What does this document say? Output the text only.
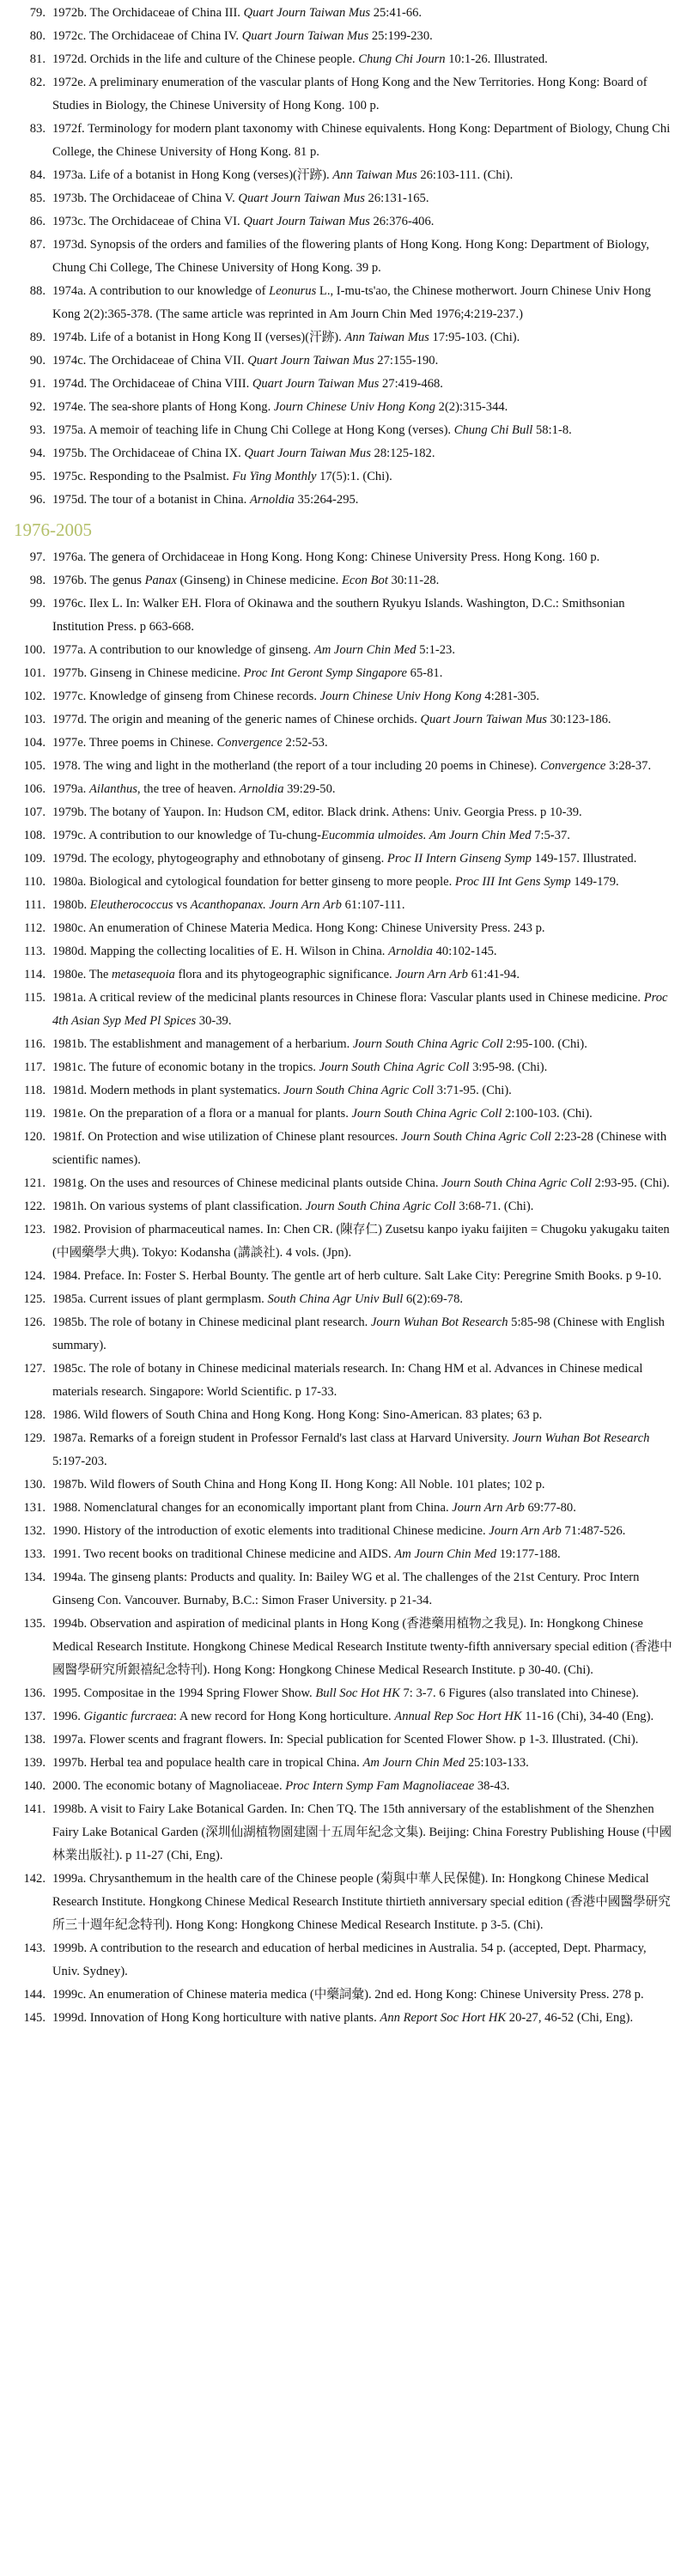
79. 1972b. The Orchidaceae of China III. Quart Journ Taiwan Mus 25:41-66.
80. 1972c. The Orchidaceae of China IV. Quart Journ Taiwan Mus 25:199-230.
81. 1972d. Orchids in the life and culture of the Chinese people. Chung Chi Journ 10:1-26. Illustrated.
82. 1972e. A preliminary enumeration of the vascular plants of Hong Kong and the New Territories. Hong Kong: Board of Studies in Biology, the Chinese University of Hong Kong. 100 p.
83. 1972f. Terminology for modern plant taxonomy with Chinese equivalents. Hong Kong: Department of Biology, Chung Chi College, the Chinese University of Hong Kong. 81 p.
84. 1973a. Life of a botanist in Hong Kong (verses)(汗跡). Ann Taiwan Mus 26:103-111. (Chi).
85. 1973b. The Orchidaceae of China V. Quart Journ Taiwan Mus 26:131-165.
86. 1973c. The Orchidaceae of China VI. Quart Journ Taiwan Mus 26:376-406.
87. 1973d. Synopsis of the orders and families of the flowering plants of Hong Kong. Hong Kong: Department of Biology, Chung Chi College, The Chinese University of Hong Kong. 39 p.
88. 1974a. A contribution to our knowledge of Leonurus L., I-mu-ts'ao, the Chinese motherwort. Journ Chinese Univ Hong Kong 2(2):365-378. (The same article was reprinted in Am Journ Chin Med 1976;4:219-237.)
89. 1974b. Life of a botanist in Hong Kong II (verses)(汗跡). Ann Taiwan Mus 17:95-103. (Chi).
90. 1974c. The Orchidaceae of China VII. Quart Journ Taiwan Mus 27:155-190.
91. 1974d. The Orchidaceae of China VIII. Quart Journ Taiwan Mus 27:419-468.
92. 1974e. The sea-shore plants of Hong Kong. Journ Chinese Univ Hong Kong 2(2):315-344.
93. 1975a. A memoir of teaching life in Chung Chi College at Hong Kong (verses). Chung Chi Bull 58:1-8.
94. 1975b. The Orchidaceae of China IX. Quart Journ Taiwan Mus 28:125-182.
95. 1975c. Responding to the Psalmist. Fu Ying Monthly 17(5):1. (Chi).
96. 1975d. The tour of a botanist in China. Arnoldia 35:264-295.
1976-2005
97. 1976a. The genera of Orchidaceae in Hong Kong. Hong Kong: Chinese University Press. Hong Kong. 160 p.
98. 1976b. The genus Panax (Ginseng) in Chinese medicine. Econ Bot 30:11-28.
99. 1976c. Ilex L. In: Walker EH. Flora of Okinawa and the southern Ryukyu Islands. Washington, D.C.: Smithsonian Institution Press. p 663-668.
100. 1977a. A contribution to our knowledge of ginseng. Am Journ Chin Med 5:1-23.
101. 1977b. Ginseng in Chinese medicine. Proc Int Geront Symp Singapore 65-81.
102. 1977c. Knowledge of ginseng from Chinese records. Journ Chinese Univ Hong Kong 4:281-305.
103. 1977d. The origin and meaning of the generic names of Chinese orchids. Quart Journ Taiwan Mus 30:123-186.
104. 1977e. Three poems in Chinese. Convergence 2:52-53.
105. 1978. The wing and light in the motherland (the report of a tour including 20 poems in Chinese). Convergence 3:28-37.
106. 1979a. Ailanthus, the tree of heaven. Arnoldia 39:29-50.
107. 1979b. The botany of Yaupon. In: Hudson CM, editor. Black drink. Athens: Univ. Georgia Press. p 10-39.
108. 1979c. A contribution to our knowledge of Tu-chung-Eucommia ulmoides. Am Journ Chin Med 7:5-37.
109. 1979d. The ecology, phytogeography and ethnobotany of ginseng. Proc II Intern Ginseng Symp 149-157. Illustrated.
110. 1980a. Biological and cytological foundation for better ginseng to more people. Proc III Int Gens Symp 149-179.
111. 1980b. Eleutherococcus vs Acanthopanax. Journ Arn Arb 61:107-111.
112. 1980c. An enumeration of Chinese Materia Medica. Hong Kong: Chinese University Press. 243 p.
113. 1980d. Mapping the collecting localities of E. H. Wilson in China. Arnoldia 40:102-145.
114. 1980e. The metasequoia flora and its phytogeographic significance. Journ Arn Arb 61:41-94.
115. 1981a. A critical review of the medicinal plants resources in Chinese flora: Vascular plants used in Chinese medicine. Proc 4th Asian Syp Med Pl Spices 30-39.
116. 1981b. The establishment and management of a herbarium. Journ South China Agric Coll 2:95-100. (Chi).
117. 1981c. The future of economic botany in the tropics. Journ South China Agric Coll 3:95-98. (Chi).
118. 1981d. Modern methods in plant systematics. Journ South China Agric Coll 3:71-95. (Chi).
119. 1981e. On the preparation of a flora or a manual for plants. Journ South China Agric Coll 2:100-103. (Chi).
120. 1981f. On Protection and wise utilization of Chinese plant resources. Journ South China Agric Coll 2:23-28 (Chinese with scientific names).
121. 1981g. On the uses and resources of Chinese medicinal plants outside China. Journ South China Agric Coll 2:93-95. (Chi).
122. 1981h. On various systems of plant classification. Journ South China Agric Coll 3:68-71. (Chi).
123. 1982. Provision of pharmaceutical names. In: Chen CR. (陳存仁) Zusetsu kanpo iyaku faijiten = Chugoku yakugaku taiten (中國藥學大典). Tokyo: Kodansha (講談社). 4 vols. (Jpn).
124. 1984. Preface. In: Foster S. Herbal Bounty. The gentle art of herb culture. Salt Lake City: Peregrine Smith Books. p 9-10.
125. 1985a. Current issues of plant germplasm. South China Agr Univ Bull 6(2):69-78.
126. 1985b. The role of botany in Chinese medicinal plant research. Journ Wuhan Bot Research 5:85-98 (Chinese with English summary).
127. 1985c. The role of botany in Chinese medicinal materials research. In: Chang HM et al. Advances in Chinese medical materials research. Singapore: World Scientific. p 17-33.
128. 1986. Wild flowers of South China and Hong Kong. Hong Kong: Sino-American. 83 plates; 63 p.
129. 1987a. Remarks of a foreign student in Professor Fernald's last class at Harvard University. Journ Wuhan Bot Research 5:197-203.
130. 1987b. Wild flowers of South China and Hong Kong II. Hong Kong: All Noble. 101 plates; 102 p.
131. 1988. Nomenclatural changes for an economically important plant from China. Journ Arn Arb 69:77-80.
132. 1990. History of the introduction of exotic elements into traditional Chinese medicine. Journ Arn Arb 71:487-526.
133. 1991. Two recent books on traditional Chinese medicine and AIDS. Am Journ Chin Med 19:177-188.
134. 1994a. The ginseng plants: Products and quality. In: Bailey WG et al. The challenges of the 21st Century. Proc Intern Ginseng Con. Vancouver. Burnaby, B.C.: Simon Fraser University. p 21-34.
135. 1994b. Observation and aspiration of medicinal plants in Hong Kong (香港藥用植物之我見). In: Hongkong Chinese Medical Research Institute. Hongkong Chinese Medical Research Institute twenty-fifth anniversary special edition (香港中國醫學研究所銀禧紀念特刊). Hong Kong: Hongkong Chinese Medical Research Institute. p 30-40. (Chi).
136. 1995. Compositae in the 1994 Spring Flower Show. Bull Soc Hot HK 7: 3-7. 6 Figures (also translated into Chinese).
137. 1996. Gigantic furcraea: A new record for Hong Kong horticulture. Annual Rep Soc Hort HK 11-16 (Chi), 34-40 (Eng).
138. 1997a. Flower scents and fragrant flowers. In: Special publication for Scented Flower Show. p 1-3. Illustrated. (Chi).
139. 1997b. Herbal tea and populace health care in tropical China. Am Journ Chin Med 25:103-133.
140. 2000. The economic botany of Magnoliaceae. Proc Intern Symp Fam Magnoliaceae 38-43.
141. 1998b. A visit to Fairy Lake Botanical Garden. In: Chen TQ. The 15th anniversary of the establishment of the Shenzhen Fairy Lake Botanical Garden (深圳仙湖植物園建園十五周年紀念文集). Beijing: China Forestry Publishing House (中國林業出版社). p 11-27 (Chi, Eng).
142. 1999a. Chrysanthemum in the health care of the Chinese people (菊與中華人民保健). In: Hongkong Chinese Medical Research Institute. Hongkong Chinese Medical Research Institute thirtieth anniversary special edition (香港中國醫學研究所三十週年紀念特刊). Hong Kong: Hongkong Chinese Medical Research Institute. p 3-5. (Chi).
143. 1999b. A contribution to the research and education of herbal medicines in Australia. 54 p. (accepted, Dept. Pharmacy, Univ. Sydney).
144. 1999c. An enumeration of Chinese materia medica (中藥詞彙). 2nd ed. Hong Kong: Chinese University Press. 278 p.
145. 1999d. Innovation of Hong Kong horticulture with native plants. Ann Report Soc Hort HK 20-27, 46-52 (Chi, Eng).
